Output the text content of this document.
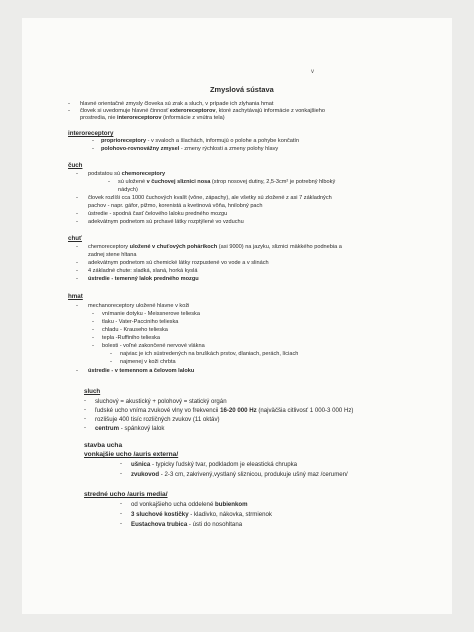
Zmyslová sústava
v
- hlavné orientačné zmysly človeka sú zrak a sluch, v prípade ich zlyhania hmat
- človek si uvedomuje hlavné činnosť exteroreceptorov, ktoré zachytávajú informácie z vonkajšieho
prostredia, nie interoreceptorov (informácie z vnútra tela)
interoreceptory
- proprioreceptory - v svaloch a šlachách, informujú o polohe a pohybe končatín
- polohovo-rovnovážny zmysel - zmeny rýchlosti a zmeny polohy hlavy
čuch
- podstatou sú chemoreceptory
- sú uložené v čuchovej sliznici nosa (strop nosovej dutiny, 2,5-3cm² je potrebný hlboký
nádych)
- človek rozlíši cca 1000 čuchových kvalít (vône, zápachy), ale všetky sú zložené z asi 7 základných
pachov - napr. gáfor, pižmo, korenistá a kvetinová vôňa, hnilobný pach
- ústredie - spodná časť čelového laloku predného mozgu
- adekvátnym podnetom sú prchavé látky rozptýlené vo vzduchu
chuť
- chemoreceptory uložené v chuťových pohárikoch (asi 9000) na jazyku, sliznici mäkkého podnebia a
zadnej stene hltana
- adekvátnym podnetom sú chemické látky rozpustené vo vode a v slinách
- 4 základné chute: sladká, slaná, horká kyslá
- ústredie - temenný lalok predného mozgu
hmat
- mechanoreceptory uložené hlavne v koži
- vnímanie dotyku - Meissnerove telieska
- tlaku - Vater-Pacciniho telieska
- chladu - Krauseho telieska
- tepla -Ruffiniho telieska
- bolesti - voľné zakončené nervové vlákna
- najviac je ich sústredených na bruškách prstov, dlaniach, perách, líciach
- najmenej v koži chrbta
- ústredie - v temennom a čelovom laloku
sluch
- sluchový = akustický + polohový = statický orgán
- ľudské ucho vníma zvukové vlny vo frekvencii 16-20 000 Hz (najväčšia citlivosť 1 000-3 000 Hz)
- rozlišuje 400 tisíc rozličných zvukov (11 oktáv)
- centrum - spánkový lalok
stavba ucha
vonkajšie ucho /auris externa/
- ušnica - typicky ľudský tvar, podkladom je eleastická chrupka
- zvukovod - 2-3 cm, zakrivený,vystlaný sliznicou, produkuje ušný maz /cerumen/
stredné ucho /auris media/
- od vonkajšieho ucha oddelené bubienkom
- 3 sluchové kostičky - kladivko, nákovka, strmienok
- Eustachova trubica - ústi do nosohltana
